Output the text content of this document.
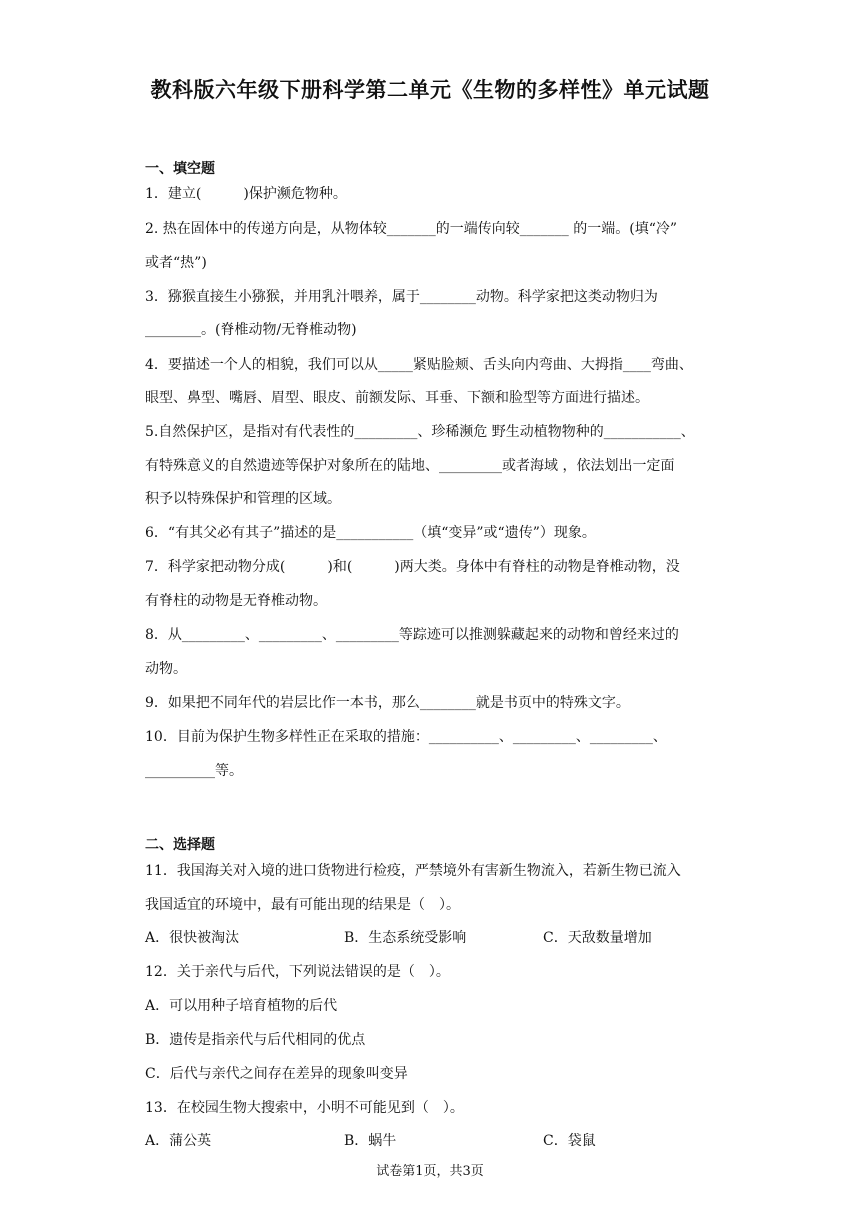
教科版六年级下册科学第二单元《生物的多样性》单元试题
一、填空题
1．建立(　　　)保护濒危物种。
2. 热在固体中的传递方向是，从物体较_______的一端传向较_______ 的一端。(填“冷”
或者“热”)
3．猕猴直接生小猕猴，并用乳汁喂养，属于________动物。科学家把这类动物归为
________。(脊椎动物/无脊椎动物)
4．要描述一个人的相貌，我们可以从_____紧贴脸颊、舌头向内弯曲、大拇指____弯曲、
眼型、鼻型、嘴唇、眉型、眼皮、前额发际、耳垂、下额和脸型等方面进行描述。
5.自然保护区，是指对有代表性的_________、珍稀濒危 野生动植物物种的___________、
有特殊意义的自然遗迹等保护对象所在的陆地、_________或者海域 ，依法划出一定面
积予以特殊保护和管理的区域。
6．“有其父必有其子”描述的是___________（填“变异”或“遗传”）现象。
7．科学家把动物分成(　　　)和(　　　)两大类。身体中有脊柱的动物是脊椎动物，没
有脊柱的动物是无脊椎动物。
8．从_________、_________、_________等踪迹可以推测躲藏起来的动物和曾经来过的
动物。
9．如果把不同年代的岩层比作一本书，那么________就是书页中的特殊文字。
10．目前为保护生物多样性正在采取的措施：__________、_________、_________、
__________等。
二、选择题
11．我国海关对入境的进口货物进行检疫，严禁境外有害新生物流入，若新生物已流入
我国适宜的环境中，最有可能出现的结果是（　）。
A．很快被淘汰	B．生态系统受影响	C．天敌数量增加
12．关于亲代与后代，下列说法错误的是（　）。
A．可以用种子培育植物的后代
B．遗传是指亲代与后代相同的优点
C．后代与亲代之间存在差异的现象叫变异
13．在校园生物大搜索中，小明不可能见到（　）。
A．蒲公英	B．蜗牛	C．袋鼠
试卷第1页，共3页
